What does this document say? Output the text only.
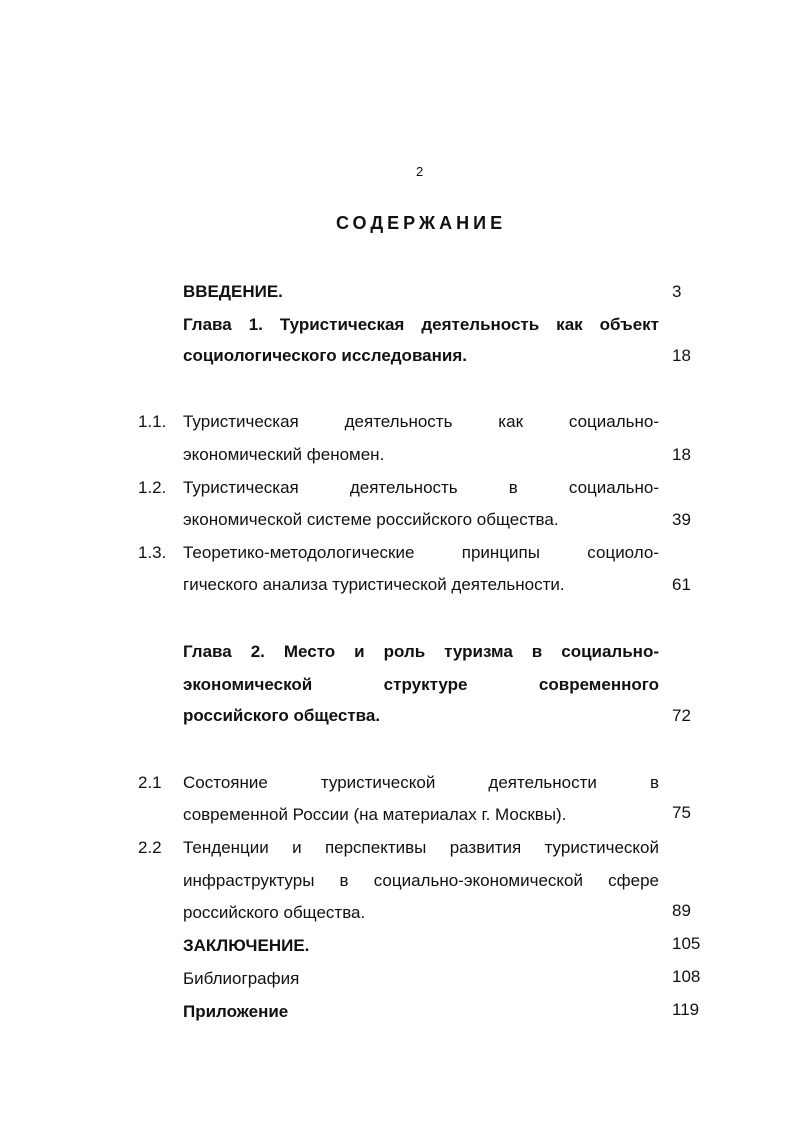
2
СОДЕРЖАНИЕ
ВВЕДЕНИЕ.	3
Глава 1. Туристическая деятельность как объект
социологического исследования.	18
1.1. Туристическая деятельность как социально-
экономический феномен.	18
1.2. Туристическая деятельность в социально-
экономической системе российского общества.	39
1.3. Теоретико-методологические принципы социоло-
гического анализа туристической деятельности.	61
Глава 2. Место и роль туризма в социально-
экономической структуре современного
российского общества.	72
2.1 Состояние туристической деятельности в
современной России (на материалах г. Москвы).	75
2.2 Тенденции и перспективы развития туристической
инфраструктуры в социально-экономической сфере
российского общества.	89
ЗАКЛЮЧЕНИЕ.	105
Библиография	108
Приложение	119
